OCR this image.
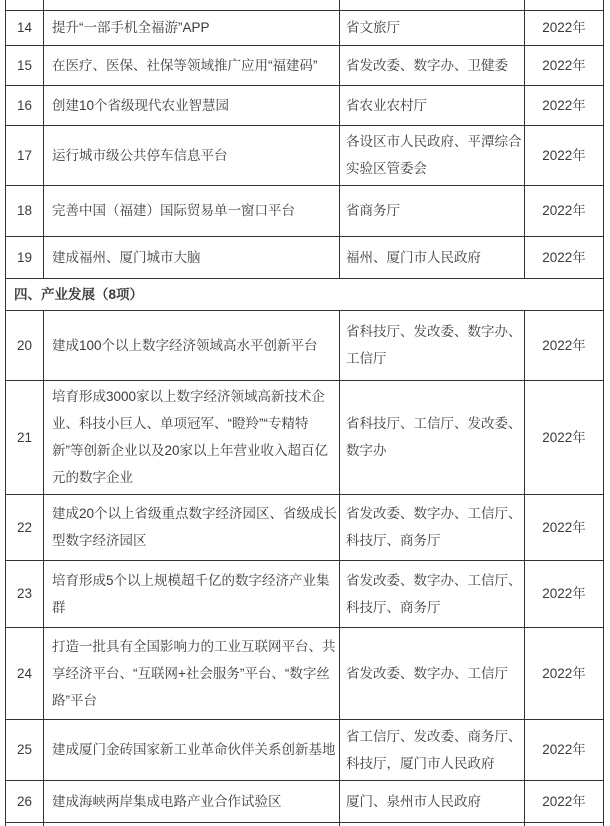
14	提升“一部手机全福游”APP	省文旅厅	2022年
15	在医疗、医保、社保等领域推广应用“福建码”	省发改委、数字办、卫健委	2022年
16	创建10个省级现代农业智慧园	省农业农村厅	2022年
17	运行城市级公共停车信息平台	各设区市人民政府、平潭综合实验区管委会	2022年
18	完善中国（福建）国际贸易单一窗口平台	省商务厅	2022年
19	建成福州、厦门城市大脑	福州、厦门市人民政府	2022年
四、产业发展（8项）			
20	建成100个以上数字经济领域高水平创新平台	省科技厅、发改委、数字办、工信厅	2022年
21	培育形成3000家以上数字经济领域高新技术企业、科技小巨人、单项冠军、“瞪羚”“专精特新”等创新企业以及20家以上年营业收入超百亿元的数字企业	省科技厅、工信厅、发改委、数字办	2022年
22	建成20个以上省级重点数字经济园区、省级成长型数字经济园区	省发改委、数字办、工信厅、科技厅、商务厅	2022年
23	培育形成5个以上规模超千亿的数字经济产业集群	省发改委、数字办、工信厅、科技厅、商务厅	2022年
24	打造一批具有全国影响力的工业互联网平台、共享经济平台、“互联网+社会服务”平台、“数字丝路”平台	省发改委、数字办、工信厅	2022年
25	建成厦门金砖国家新工业革命伙伴关系创新基地	省工信厅、发改委、商务厅、科技厅，厦门市人民政府	2022年
26	建成海峡两岸集成电路产业合作试验区	厦门、泉州市人民政府	2022年
